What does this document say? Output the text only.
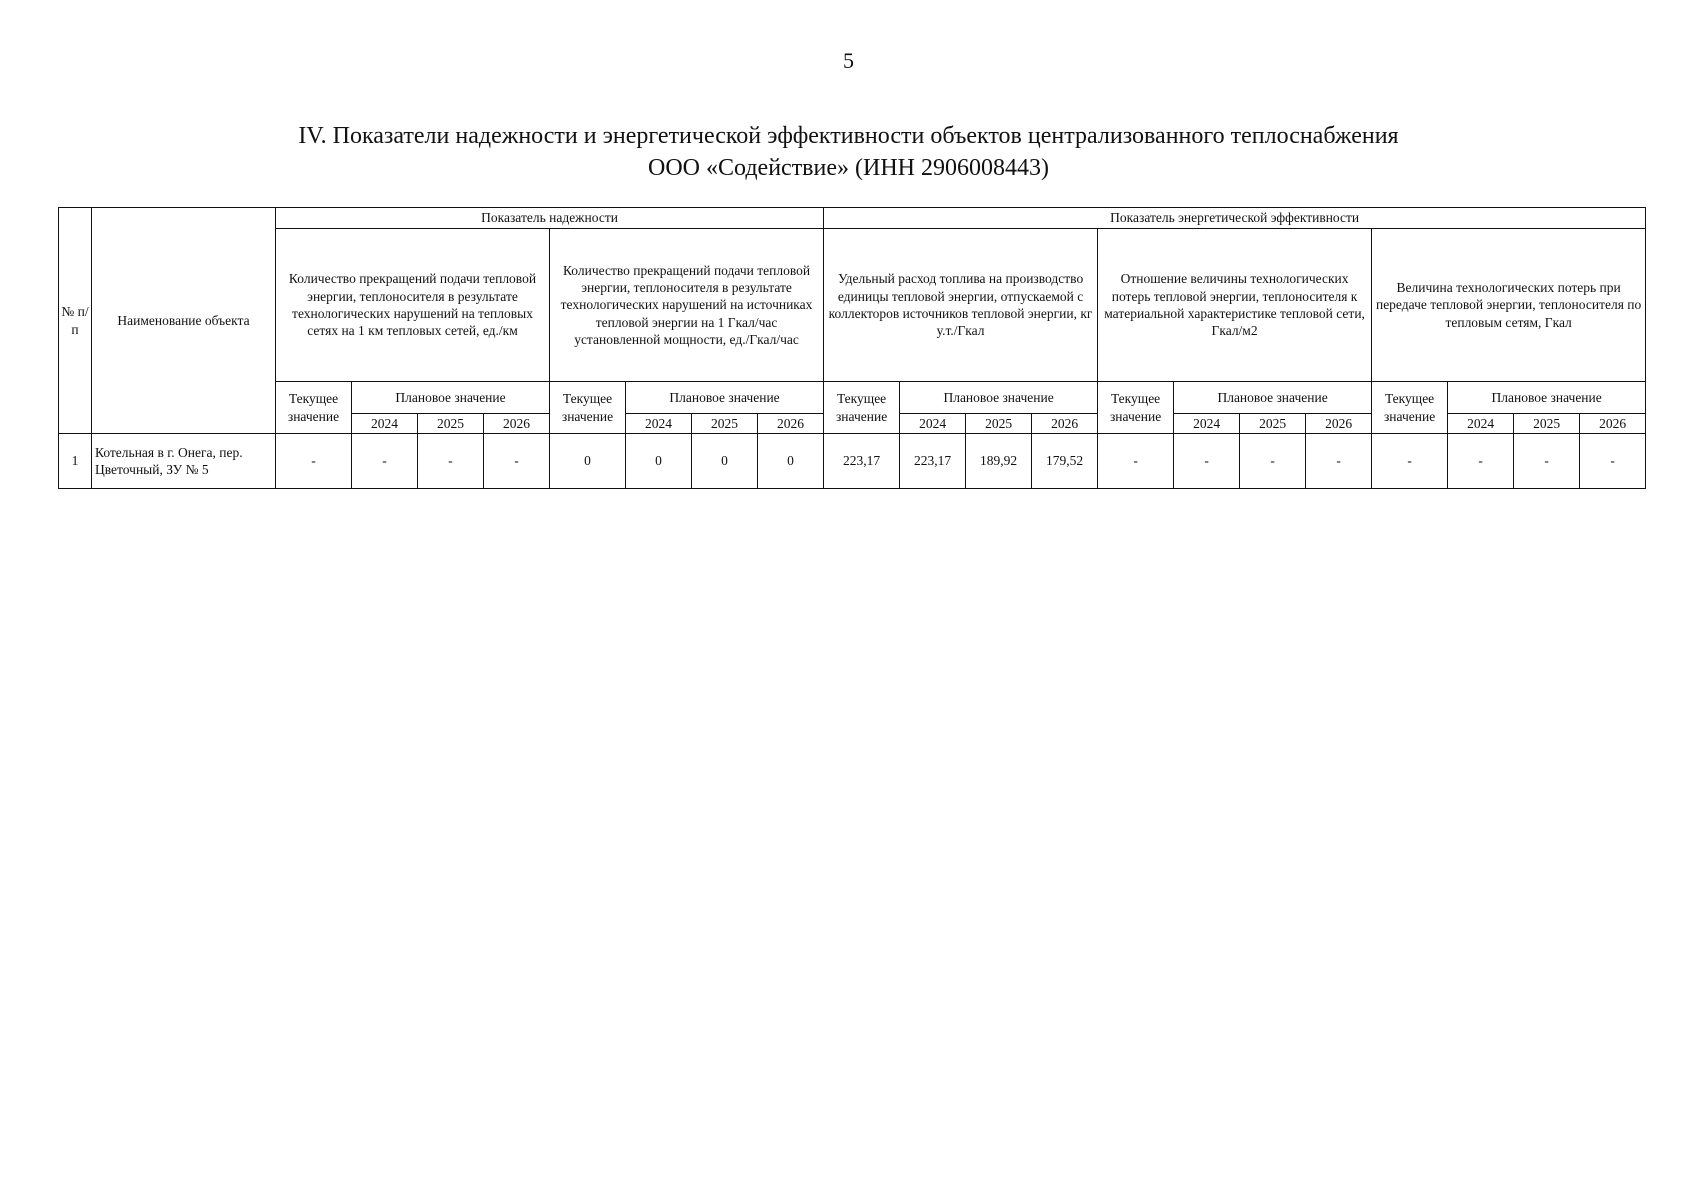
5
IV. Показатели надежности и энергетической эффективности объектов централизованного теплоснабжения
ООО «Содействие» (ИНН 2906008443)
№ п/п	Наименование объекта	Показатель надежности								Показатель энергетической эффективности											
		Количество прекращений подачи тепловой энергии, теплоносителя в результате технологических нарушений на тепловых сетях на 1 км тепловых сетей, ед./км				Количество прекращений подачи тепловой энергии, теплоносителя в результате технологических нарушений на источниках тепловой энергии на 1 Гкал/час установленной мощности, ед./Гкал/час				Удельный расход топлива на производство единицы тепловой энергии, отпускаемой с коллекторов источников тепловой энергии, кг у.т./Гкал				Отношение величины технологических потерь тепловой энергии, теплоносителя к материальной характеристике тепловой сети, Гкал/м2				Величина технологических потерь при передаче тепловой энергии, теплоносителя по тепловым сетям, Гкал			
		Текущее значение	Плановое значение			Текущее значение	Плановое значение			Текущее значение	Плановое значение			Текущее значение	Плановое значение			Текущее значение	Плановое значение		
			2024	2025	2026		2024	2025	2026		2024	2025	2026		2024	2025	2026		2024	2025	2026
1	Котельная в г. Онега, пер. Цветочный, ЗУ № 5	-	-	-	-	0	0	0	0	223,17	223,17	189,92	179,52	-	-	-	-	-	-	-	-
